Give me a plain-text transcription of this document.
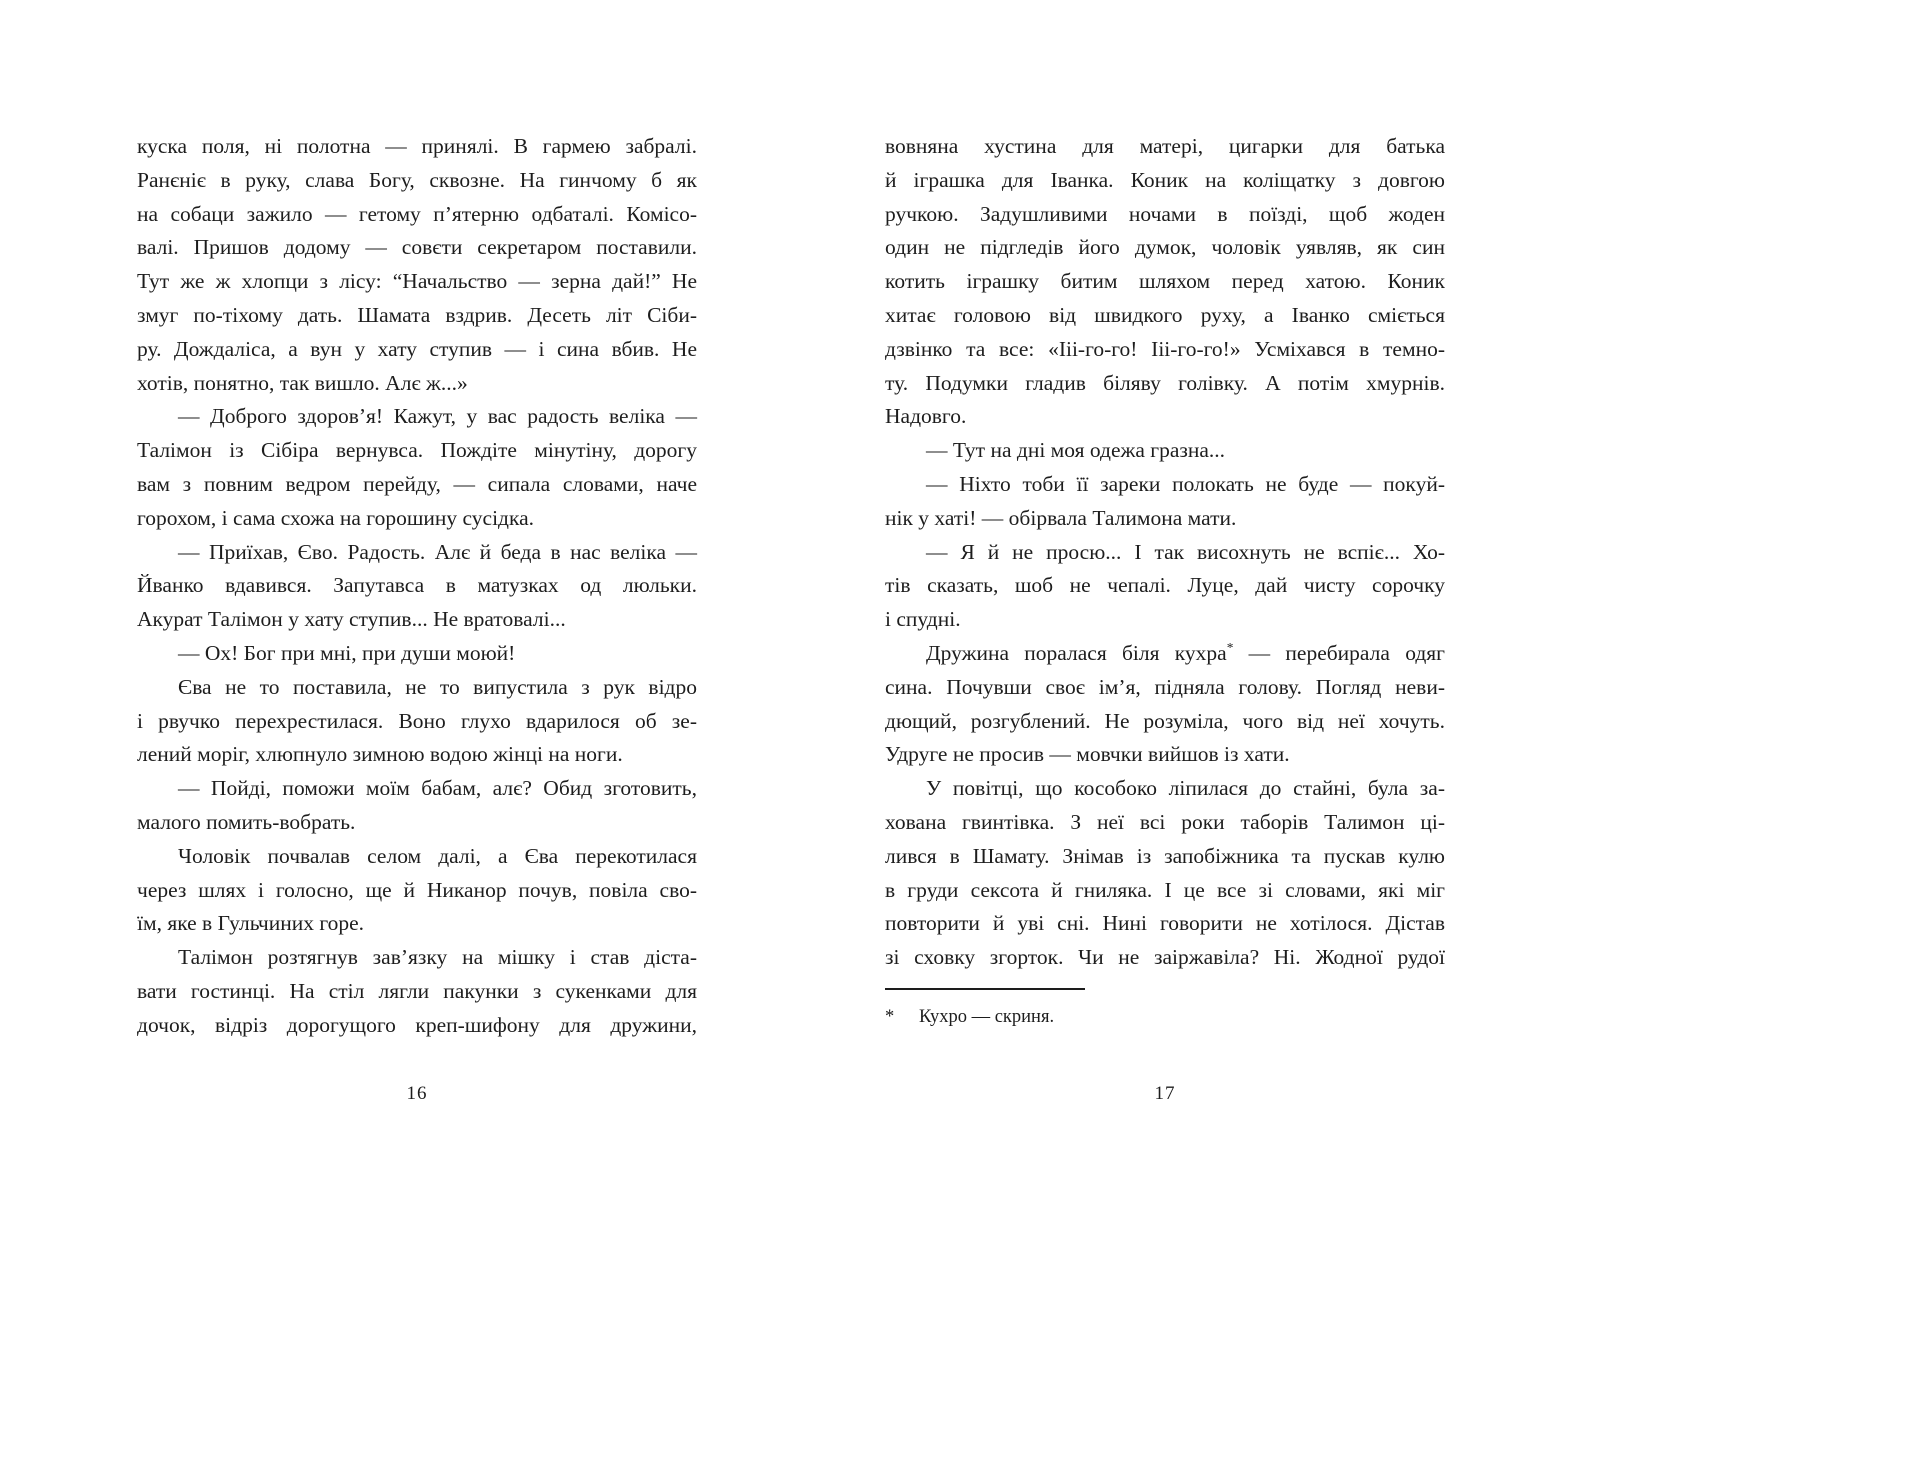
куска поля, ні полотна — принялі. В гармею забралі.
Ранєніє в руку, слава Богу, сквозне. На гинчому б як
на собаци зажило — гетому п’ятерню одбаталі. Комісо-
валі. Пришов додому — совєти секретаром поставили.
Тут же ж хлопци з лісу: “Начальство — зерна дай!” Не
змуг по-тіхому дать. Шамата вздрив. Десеть літ Сіби-
ру. Дождаліса, а вун у хату ступив — і сина вбив. Не
хотів, понятно, так вишло. Алє ж...»
— Доброго здоров’я! Кажут, у вас радость веліка —
Талімон із Сібіра вернувса. Пождіте мінутіну, дорогу
вам з повним ведром перейду, — сипала словами, наче
горохом, і сама схожа на горошину сусідка.
— Приїхав, Єво. Радость. Алє й беда в нас веліка —
Йванко вдавився. Запутавса в матузках од люльки.
Акурат Талімон у хату ступив... Не вратовалі...
— Ох! Бог при мні, при души моюй!
Єва не то поставила, не то випустила з рук відро
і рвучко перехрестилася. Воно глухо вдарилося об зе-
лений моріг, хлюпнуло зимною водою жінці на ноги.
— Пойді, поможи моїм бабам, алє? Обид зготовить,
малого помить-вобрать.
Чоловік почвалав селом далі, а Єва перекотилася
через шлях і голосно, ще й Никанор почув, повіла сво-
їм, яке в Гульчиних горе.
Талімон розтягнув зав’язку на мішку і став діста-
вати гостинці. На стіл лягли пакунки з сукенками для
дочок, відріз дорогущого креп-шифону для дружини,
16
вовняна хустина для матері, цигарки для батька
й іграшка для Іванка. Коник на коліщатку з довгою
ручкою. Задушливими ночами в поїзді, щоб жоден
один не підгледів його думок, чоловік уявляв, як син
котить іграшку битим шляхом перед хатою. Коник
хитає головою від швидкого руху, а Іванко сміється
дзвінко та все: «Ііі-го-го! Ііі-го-го!» Усміхався в темно-
ту. Подумки гладив біляву голівку. А потім хмурнів.
Надовго.
— Тут на дні моя одежа гразна...
— Ніхто тоби її зареки полокать не буде — покуй-
нік у хаті! — обірвала Талимона мати.
— Я й не просю... І так висохнуть не вспіє... Хо-
тів сказать, шоб не чепалі. Луце, дай чисту сорочку
і спудні.
Дружина поралася біля кухра* — перебирала одяг
сина. Почувши своє ім’я, підняла голову. Погляд неви-
дющий, розгублений. Не розуміла, чого від неї хочуть.
Удруге не просив — мовчки вийшов із хати.
У повітці, що кособоко ліпилася до стайні, була за-
хована гвинтівка. З неї всі роки таборів Талимон ці-
лився в Шамату. Знімав із запобіжника та пускав кулю
в груди сексота й гниляка. І це все зі словами, які міг
повторити й уві сні. Нині говорити не хотілося. Дістав
зі сховку згорток. Чи не заіржавіла? Ні. Жодної рудої
* Кухро — скриня.
17
